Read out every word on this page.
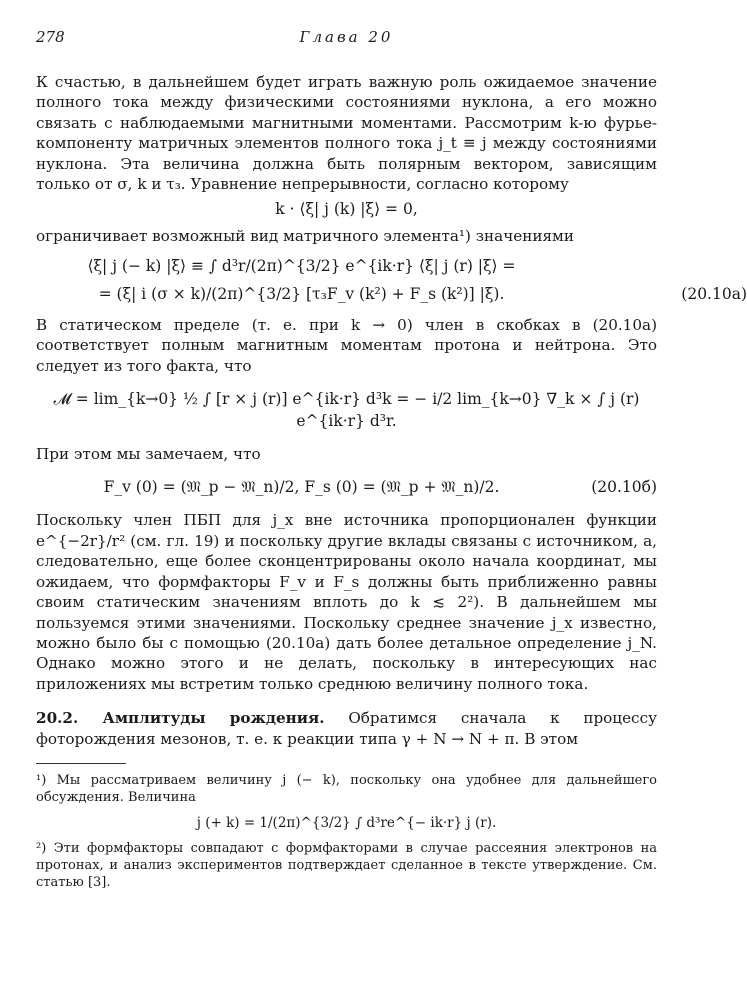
278	Глава 20

К счастью, в дальнейшем будет играть важную роль ожидаемое значение полного тока между физическими состояниями нуклона, а его можно связать с наблюдаемыми магнитными моментами. Рассмотрим k-ю фурье-компоненту матричных элементов полного тока j_t ≡ j между состояниями нуклона. Эта величина должна быть полярным вектором, зависящим только от σ, k и τ₃. Уравнение непрерывности, согласно которому

k · ⟨ξ| j (k) |ξ⟩ = 0,

ограничивает возможный вид матричного элемента¹) значениями

⟨ξ| j (− k) |ξ⟩ ≡ ∫ d³r/(2π)^{3/2} e^{ik·r} ⟨ξ| j (r) |ξ⟩ =
= (ξ| i (σ × k)/(2π)^{3/2} [τ₃F_v (k²) + F_s (k²)] |ξ).	(20.10а)

В статическом пределе (т. е. при k → 0) член в скобках в (20.10а) соответствует полным магнитным моментам протона и нейтрона. Это следует из того факта, что

𝓜 = lim_{k→0} ½ ∫ [r × j (r)] e^{ik·r} d³k = − i/2 lim_{k→0} ∇_k × ∫ j (r) e^{ik·r} d³r.

При этом мы замечаем, что

F_v (0) = (𝔐_p − 𝔐_n)/2, F_s (0) = (𝔐_p + 𝔐_n)/2.	(20.10б)

Поскольку член ПБП для j_x вне источника пропорционален функции e^{−2r}/r² (см. гл. 19) и поскольку другие вклады связаны с источником, а, следовательно, еще более сконцентрированы около начала координат, мы ожидаем, что формфакторы F_v и F_s должны быть приближенно равны своим статическим значениям вплоть до k ≲ 2²). В дальнейшем мы пользуемся этими значениями. Поскольку среднее значение j_x известно, можно было бы с помощью (20.10а) дать более детальное определение j_N. Однако можно этого и не делать, поскольку в интересующих нас приложениях мы встретим только среднюю величину полного тока.

20.2. Амплитуды рождения. Обратимся сначала к процессу фоторождения мезонов, т. е. к реакции типа γ + N → N + π. В этом

¹) Мы рассматриваем величину j (− k), поскольку она удобнее для дальнейшего обсуждения. Величина

j (+ k) = 1/(2π)^{3/2} ∫ d³re^{− ik·r} j (r).

²) Эти формфакторы совпадают с формфакторами в случае рассеяния электронов на протонах, и анализ экспериментов подтверждает сделанное в тексте утверждение. См. статью [3].
